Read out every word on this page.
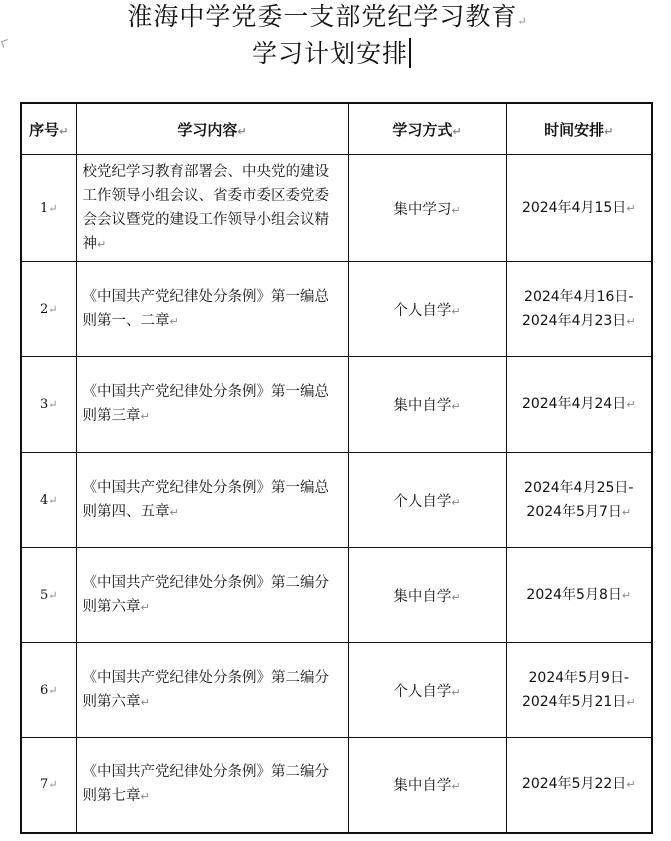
淮海中学党委一支部党纪学习教育↵
学习计划安排
序号↵	学习内容↵	学习方式↵	时间安排↵
1↵	校党纪学习教育部署会、中央党的建设工作领导小组会议、省委市委区委党委会会议暨党的建设工作领导小组会议精神↵	集中学习↵	2024年4月15日↵
2↵	《中国共产党纪律处分条例》第一编总则第一、二章↵	个人自学↵	2024年4月16日-
2024年4月23日↵
3↵	《中国共产党纪律处分条例》第一编总则第三章↵	集中自学↵	2024年4月24日↵
4↵	《中国共产党纪律处分条例》第一编总则第四、五章↵	个人自学↵	2024年4月25日-
2024年5月7日↵
5↵	《中国共产党纪律处分条例》第二编分则第六章↵	集中自学↵	2024年5月8日↵
6↵	《中国共产党纪律处分条例》第二编分则第六章↵	个人自学↵	2024年5月9日-
2024年5月21日↵
7↵	《中国共产党纪律处分条例》第二编分则第七章↵	集中自学↵	2024年5月22日↵
